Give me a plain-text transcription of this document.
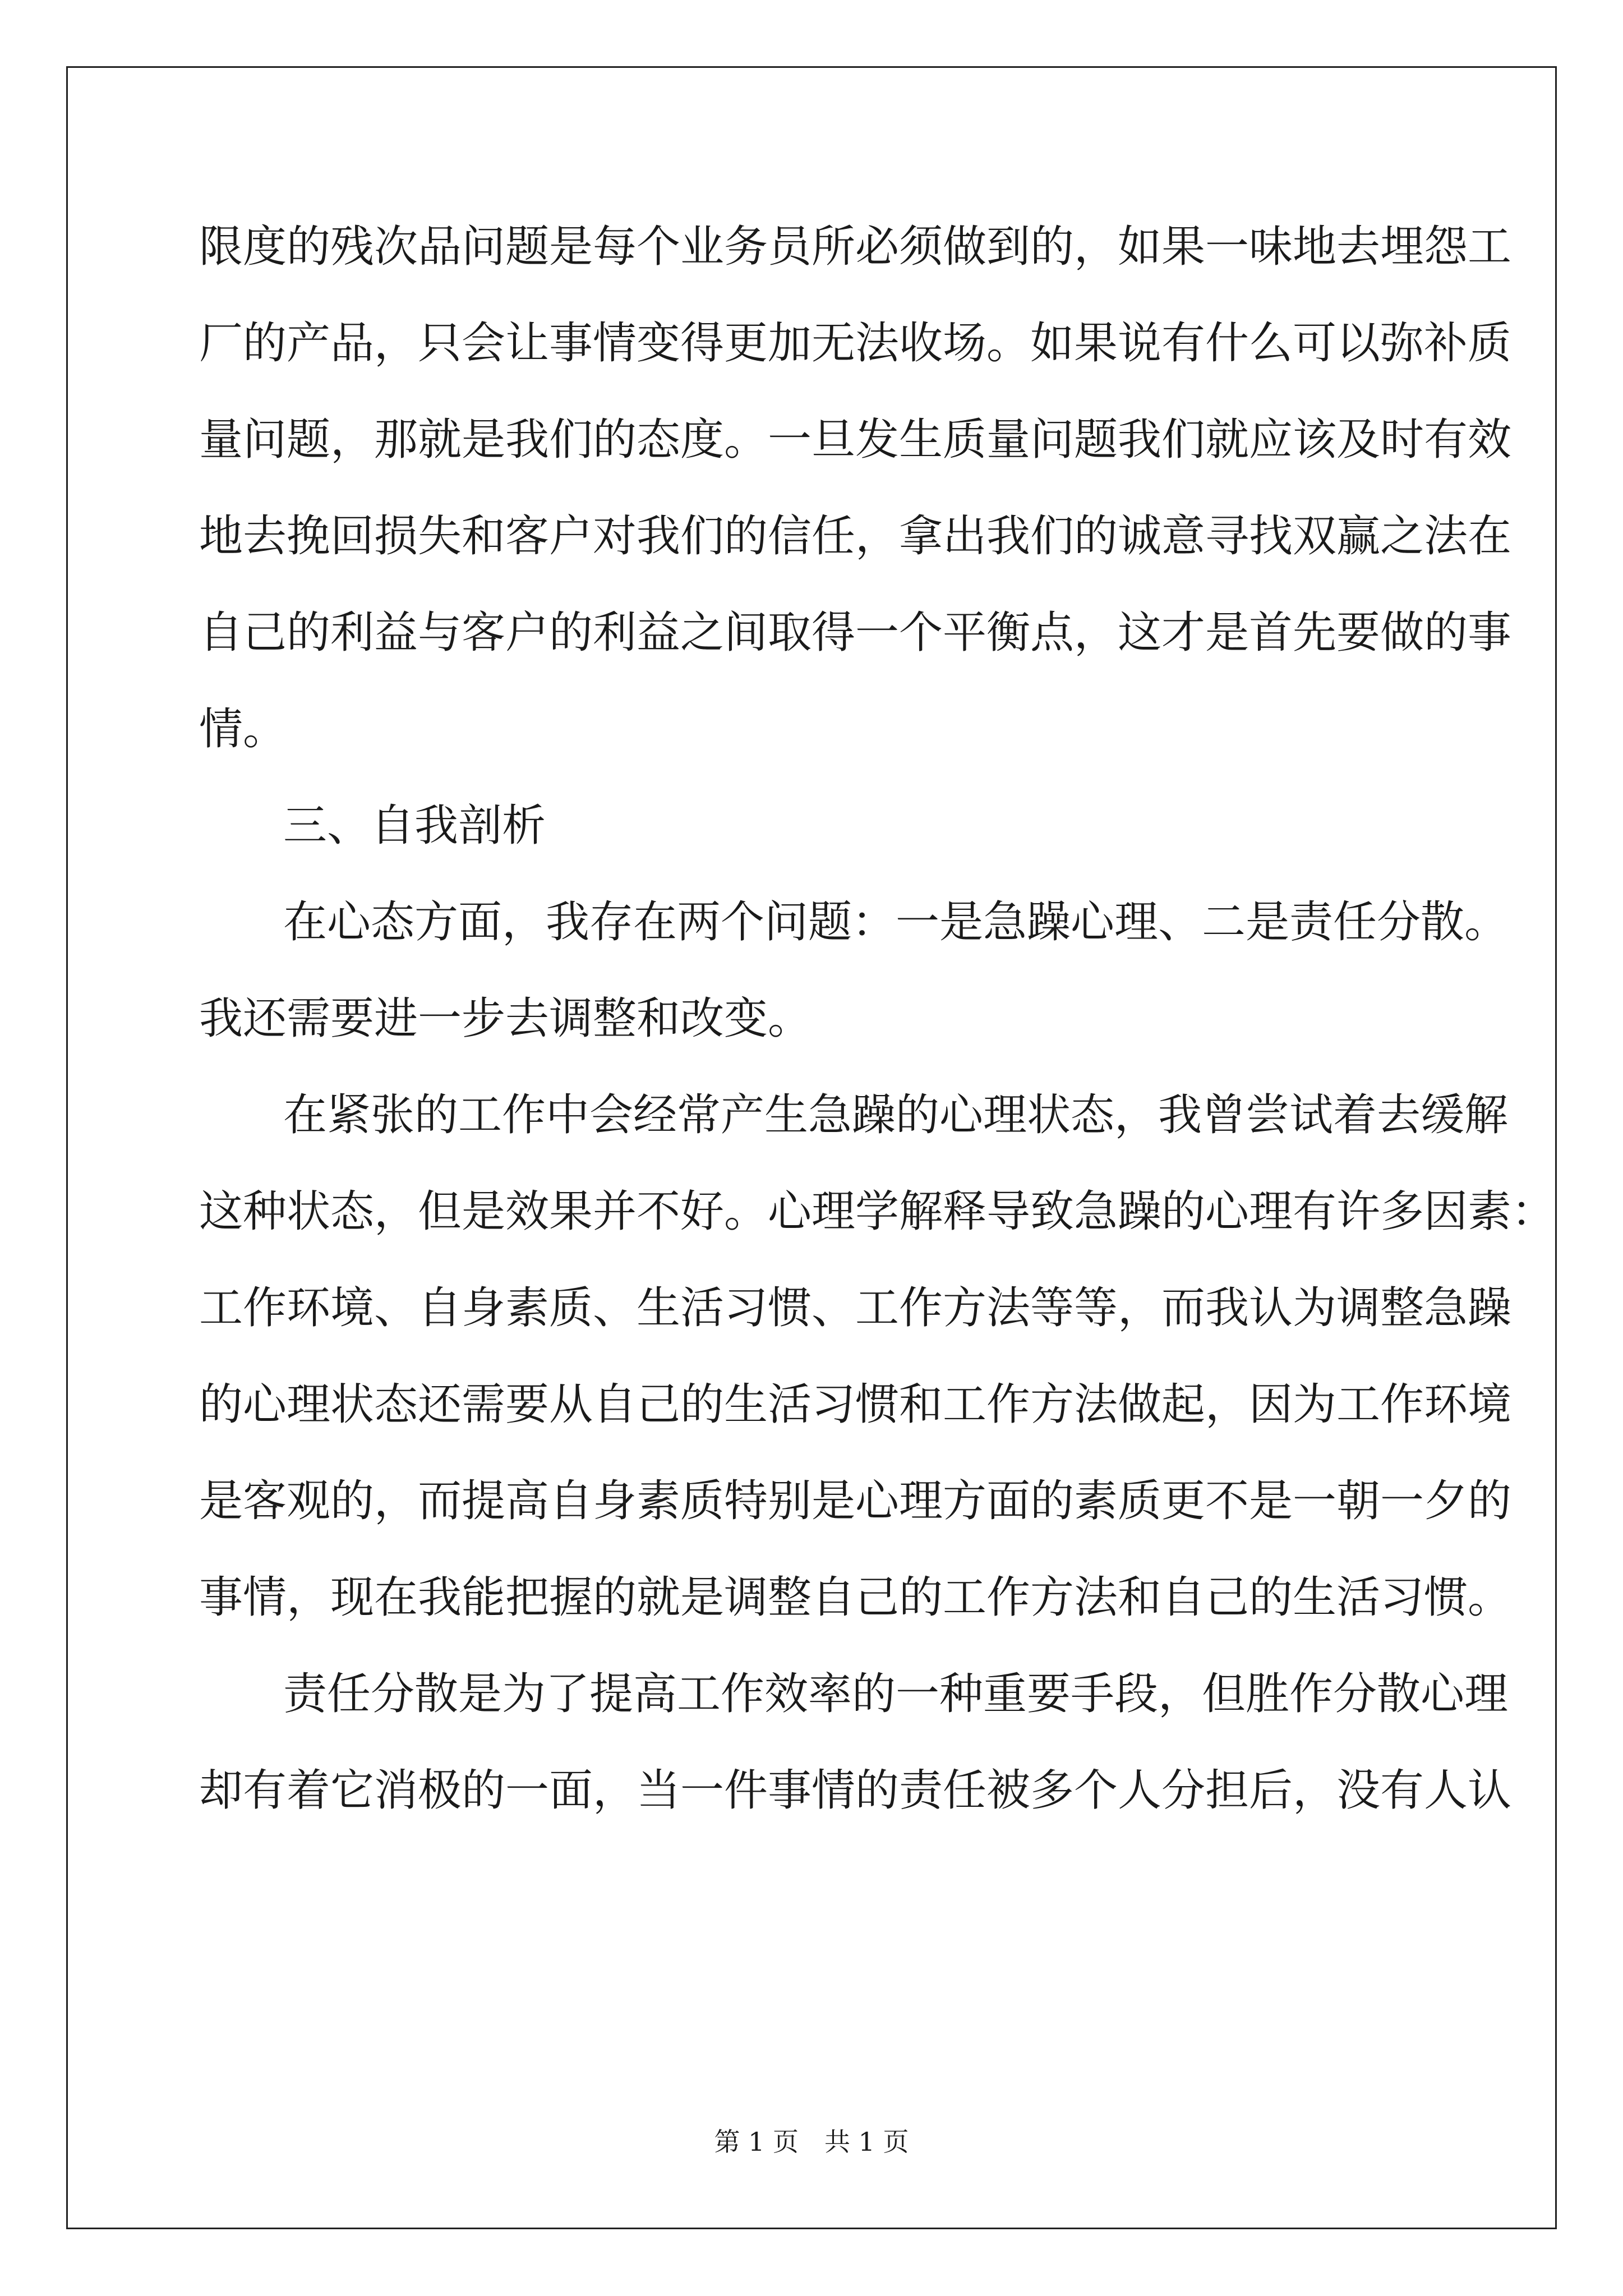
限度的残次品问题是每个业务员所必须做到的，如果一味地去埋怨工
厂的产品，只会让事情变得更加无法收场。如果说有什么可以弥补质
量问题，那就是我们的态度。一旦发生质量问题我们就应该及时有效
地去挽回损失和客户对我们的信任，拿出我们的诚意寻找双赢之法在
自己的利益与客户的利益之间取得一个平衡点，这才是首先要做的事
情。
三、自我剖析
在心态方面，我存在两个问题：一是急躁心理、二是责任分散。
我还需要进一步去调整和改变。
在紧张的工作中会经常产生急躁的心理状态，我曾尝试着去缓解
这种状态，但是效果并不好。心理学解释导致急躁的心理有许多因素：
工作环境、自身素质、生活习惯、工作方法等等，而我认为调整急躁
的心理状态还需要从自己的生活习惯和工作方法做起，因为工作环境
是客观的，而提高自身素质特别是心理方面的素质更不是一朝一夕的
事情，现在我能把握的就是调整自己的工作方法和自己的生活习惯。
责任分散是为了提高工作效率的一种重要手段，但胜作分散心理
却有着它消极的一面，当一件事情的责任被多个人分担后，没有人认
第 1 页　共 1 页
